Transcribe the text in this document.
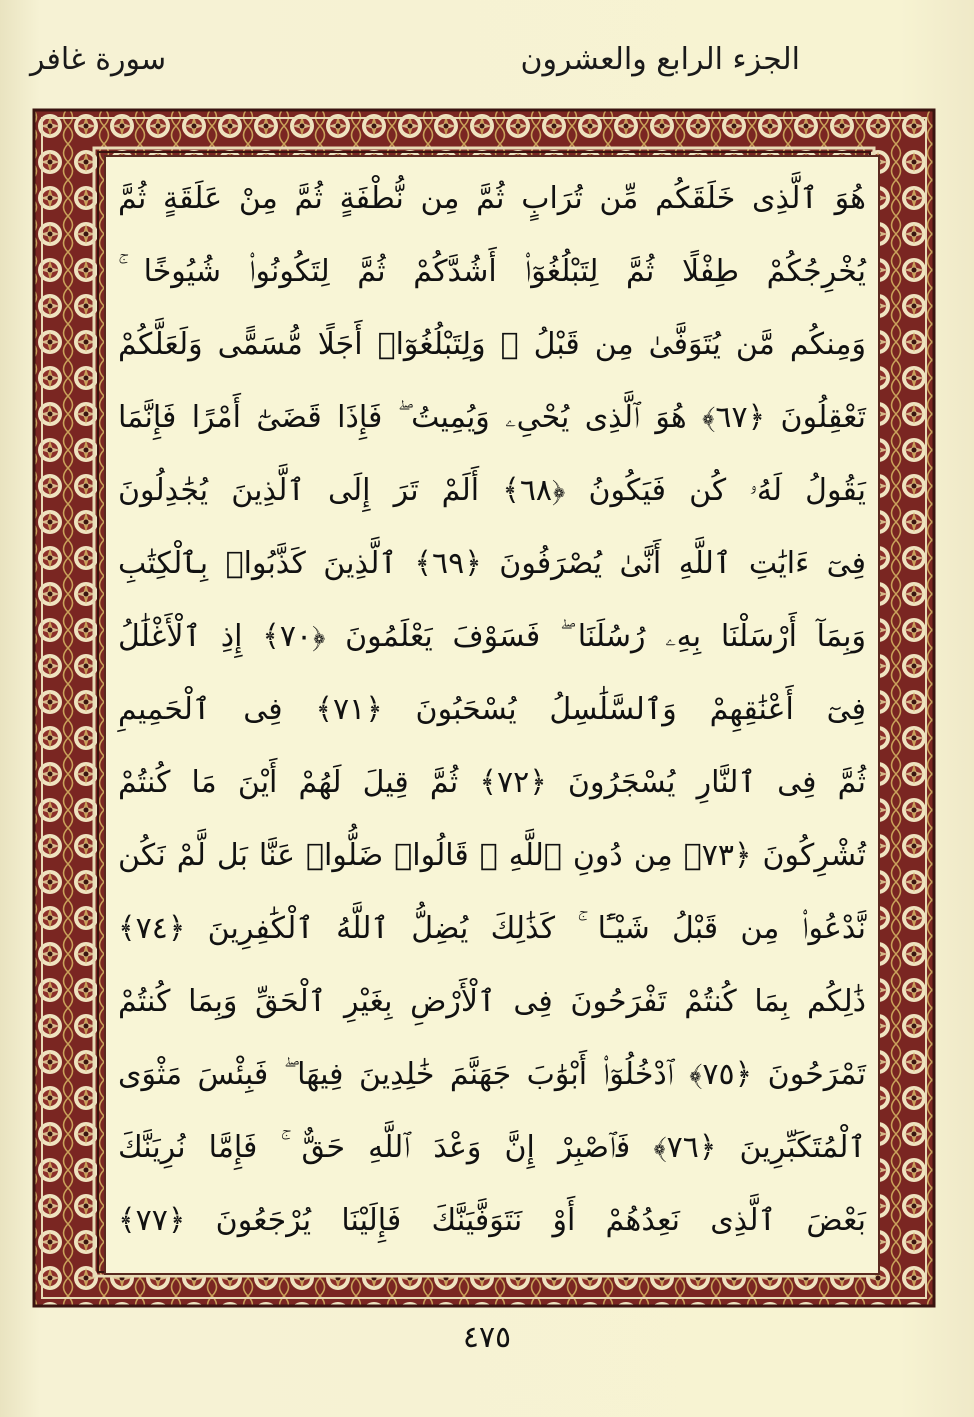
الجزء الرابع والعشرون
سورة غافر
هُوَ ٱلَّذِى خَلَقَكُم مِّن تُرَابٍ ثُمَّ مِن نُّطْفَةٍ ثُمَّ مِنْ عَلَقَةٍ ثُمَّ
يُخْرِجُكُمْ طِفْلًا ثُمَّ لِتَبْلُغُوٓا۟ أَشُدَّكُمْ ثُمَّ لِتَكُونُوا۟ شُيُوخًا ۚ
وَمِنكُم مَّن يُتَوَفَّىٰ مِن قَبْلُ ۖ وَلِتَبْلُغُوٓا۟ أَجَلًا مُّسَمًّى وَلَعَلَّكُمْ
تَعْقِلُونَ ﴿٦٧﴾ هُوَ ٱلَّذِى يُحْىِۦ وَيُمِيتُ ۖ فَإِذَا قَضَىٰٓ أَمْرًا فَإِنَّمَا
يَقُولُ لَهُۥ كُن فَيَكُونُ ﴿٦٨﴾ أَلَمْ تَرَ إِلَى ٱلَّذِينَ يُجَٰدِلُونَ
فِىٓ ءَايَٰتِ ٱللَّهِ أَنَّىٰ يُصْرَفُونَ ﴿٦٩﴾ ٱلَّذِينَ كَذَّبُوا۟ بِٱلْكِتَٰبِ
وَبِمَآ أَرْسَلْنَا بِهِۦ رُسُلَنَا ۖ فَسَوْفَ يَعْلَمُونَ ﴿٧٠﴾ إِذِ ٱلْأَغْلَٰلُ
فِىٓ أَعْنَٰقِهِمْ وَٱلسَّلَٰسِلُ يُسْحَبُونَ ﴿٧١﴾ فِى ٱلْحَمِيمِ
ثُمَّ فِى ٱلنَّارِ يُسْجَرُونَ ﴿٧٢﴾ ثُمَّ قِيلَ لَهُمْ أَيْنَ مَا كُنتُمْ
تُشْرِكُونَ ﴿٧٣﴾ مِن دُونِ ٱللَّهِ ۖ قَالُوا۟ ضَلُّوا۟ عَنَّا بَل لَّمْ نَكُن
نَّدْعُوا۟ مِن قَبْلُ شَيْـًٔا ۚ كَذَٰلِكَ يُضِلُّ ٱللَّهُ ٱلْكَٰفِرِينَ ﴿٧٤﴾
ذَٰلِكُم بِمَا كُنتُمْ تَفْرَحُونَ فِى ٱلْأَرْضِ بِغَيْرِ ٱلْحَقِّ وَبِمَا كُنتُمْ
تَمْرَحُونَ ﴿٧٥﴾ ٱدْخُلُوٓا۟ أَبْوَٰبَ جَهَنَّمَ خَٰلِدِينَ فِيهَا ۖ فَبِئْسَ مَثْوَى
ٱلْمُتَكَبِّرِينَ ﴿٧٦﴾ فَٱصْبِرْ إِنَّ وَعْدَ ٱللَّهِ حَقٌّ ۚ فَإِمَّا نُرِيَنَّكَ
بَعْضَ ٱلَّذِى نَعِدُهُمْ أَوْ نَتَوَفَّيَنَّكَ فَإِلَيْنَا يُرْجَعُونَ ﴿٧٧﴾
٤٧٥
